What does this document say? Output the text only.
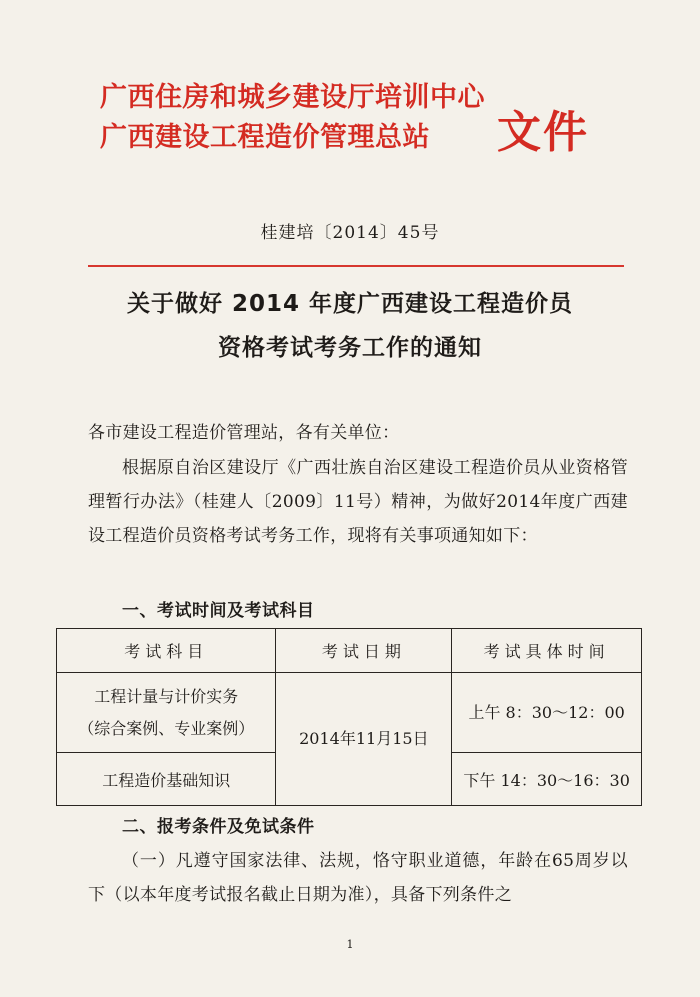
广西住房和城乡建设厅培训中心
广西建设工程造价管理总站	文件
桂建培〔2014〕45号
关于做好 2014 年度广西建设工程造价员
资格考试考务工作的通知
各市建设工程造价管理站，各有关单位：
根据原自治区建设厅《广西壮族自治区建设工程造价员从业资格管理暂行办法》（桂建人〔2009〕11号）精神，为做好2014年度广西建设工程造价员资格考试考务工作，现将有关事项通知如下：
一、考试时间及考试科目
考试科目	考试日期	考试具体时间

工程计量与计价实务
（综合案例、专业案例）	2014年11月15日	上午 8：30～12：00
工程造价基础知识		下午 14：30～16：30
二、报考条件及免试条件
（一）凡遵守国家法律、法规，恪守职业道德，年龄在65周岁以下（以本年度考试报名截止日期为准），具备下列条件之
1
